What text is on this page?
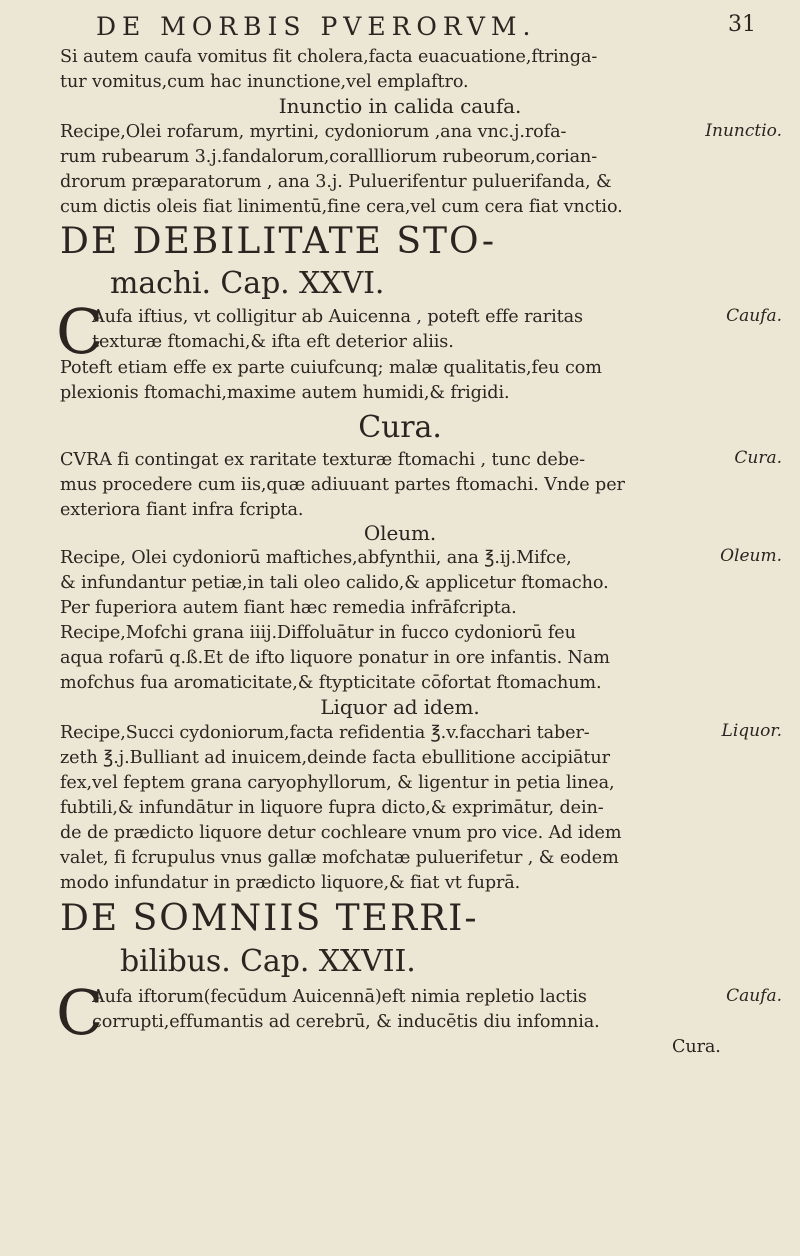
DE MORBIS PVERORVM.	31
Si autem caufa vomitus fit cholera,facta euacuatione,ftringa-
tur vomitus,cum hac inunctione,vel emplaftro.
Inunctio in calida caufa.
Recipe,Olei rofarum, myrtini, cydoniorum ,ana vnc.j.rofa-
rum rubearum 3.j.fandalorum,corallliorum rubeorum,corian-
drorum præparatorum , ana 3.j. Puluerifentur puluerifanda, &
cum dictis oleis fiat linimentū,fine cera,vel cum cera fiat vnctio.
DE DEBILITATE STO-
machi. Cap. XXVI.
C
Aufa iftius, vt colligitur ab Auicenna , poteft effe raritas
texturæ ftomachi,& ifta eft deterior aliis.
Poteft etiam effe ex parte cuiufcunq; malæ qualitatis,feu com
plexionis ftomachi,maxime autem humidi,& frigidi.
Cura.
CVRA fi contingat ex raritate texturæ ftomachi , tunc debe-
mus procedere cum iis,quæ adiuuant partes ftomachi. Vnde per
exteriora fiant infra fcripta.
Oleum.
Recipe, Olei cydoniorū maftiches,abfynthii, ana ℥.ij.Mifce,
& infundantur petiæ,in tali oleo calido,& applicetur ftomacho.
Per fuperiora autem fiant hæc remedia infrāfcripta.
Recipe,Mofchi grana iiij.Diffoluātur in fucco cydoniorū feu
aqua rofarū q.ß.Et de ifto liquore ponatur in ore infantis. Nam
mofchus fua aromaticitate,& ftypticitate cōfortat ftomachum.
Liquor ad idem.
Recipe,Succi cydoniorum,facta refidentia ℥.v.facchari taber-
zeth ℥.j.Bulliant ad inuicem,deinde facta ebullitione accipiātur
fex,vel feptem grana caryophyllorum, & ligentur in petia linea,
fubtili,& infundātur in liquore fupra dicto,& exprimātur, dein-
de de prædicto liquore detur cochleare vnum pro vice. Ad idem
valet, fi fcrupulus vnus gallæ mofchatæ puluerifetur , & eodem
modo infundatur in prædicto liquore,& fiat vt fuprā.
DE SOMNIIS TERRI-
bilibus. Cap. XXVII.
C
Aufa iftorum(fecūdum Auicennā)eft nimia repletio lactis
corrupti,effumantis ad cerebrū, & inducētis diu infomnia.
Cura.
Inunctio.
Caufa.
Cura.
Oleum.
Liquor.
Caufa.
